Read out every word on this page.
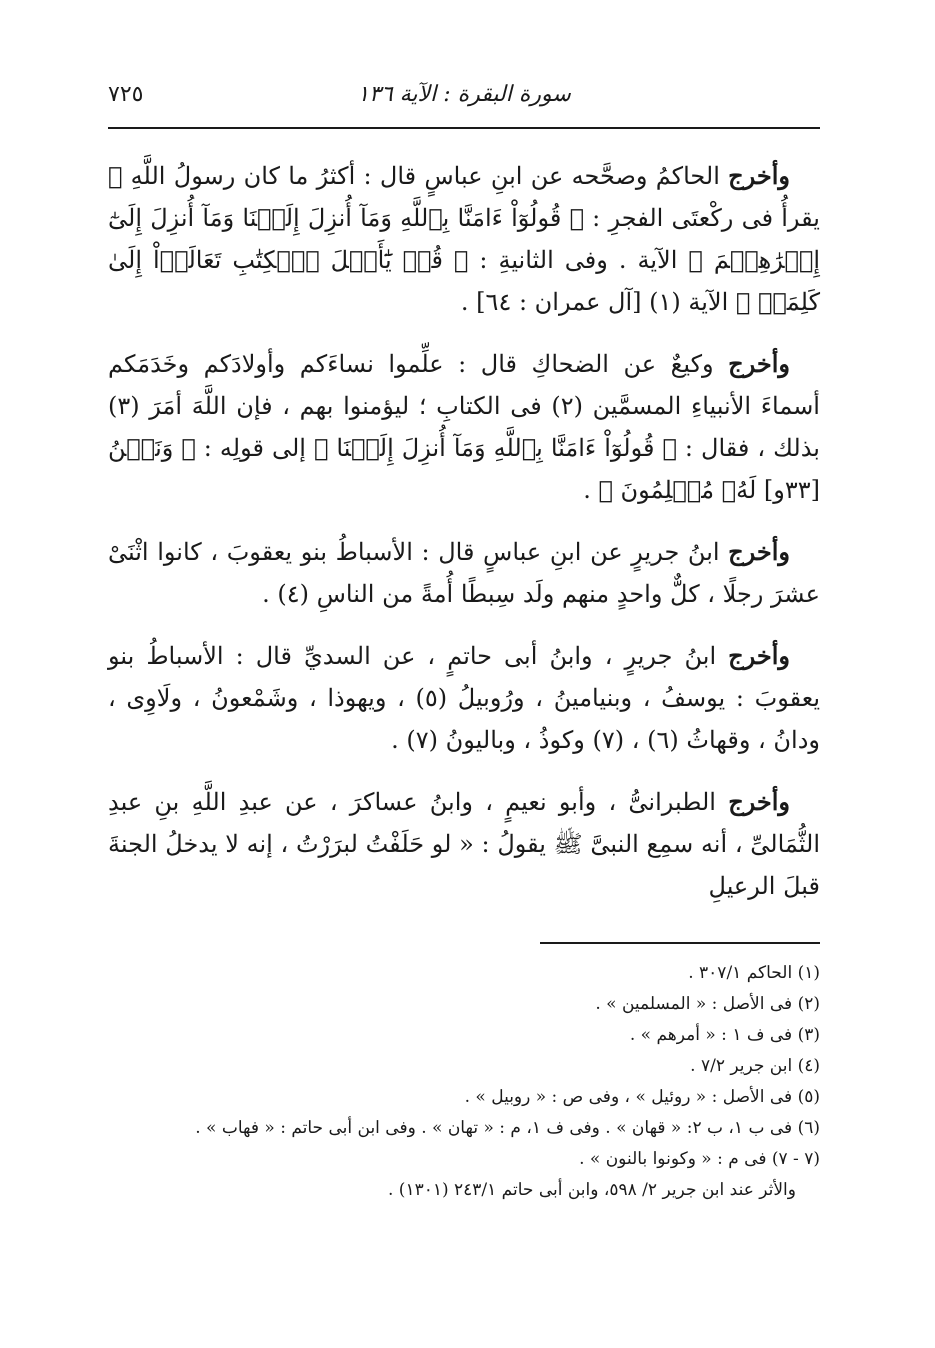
سورة البقرة : الآية ١٣٦
٧٢٥

وأخرج الحاكمُ وصحَّحه عن ابنِ عباسٍ قال : أكثرُ ما كان رسولُ اللَّهِ ﷺ يقرأُ فى ركْعتَى الفجرِ : ﴿ قُولُوٓاْ ءَامَنَّا بِٱللَّهِ وَمَآ أُنزِلَ إِلَيۡنَا وَمَآ أُنزِلَ إِلَىٰٓ إِبۡرَٰهِـۧمَ ﴾ الآية . وفى الثانيةِ : ﴿ قُلۡ يَٰٓأَهۡلَ ٱلۡكِتَٰبِ تَعَالَوۡاْ إِلَىٰ كَلِمَةٖ ﴾ الآية (١) [آل عمران : ٦٤] .

وأخرج وكيعٌ عن الضحاكِ قال : علِّموا نساءَكم وأولادَكم وخَدَمَكم أسماءَ الأنبياءِ المسمَّين (٢) فى الكتابِ ؛ ليؤمنوا بهم ، فإن اللَّهَ أمَرَ (٣) بذلك ، فقال : ﴿ قُولُوٓاْ ءَامَنَّا بِٱللَّهِ وَمَآ أُنزِلَ إِلَيۡنَا ﴾ إلى قولِه : ﴿ وَنَحۡنُ [٣٣و] لَهُۥ مُسۡلِمُونَ ﴾ .

وأخرج ابنُ جريرٍ عن ابنِ عباسٍ قال : الأسباطُ بنو يعقوبَ ، كانوا اثْنَىْ عشرَ رجلًا ، كلٌّ واحدٍ منهم ولَد سِبطًا أُمةً من الناسِ (٤) .

وأخرج ابنُ جريرٍ ، وابنُ أبى حاتمٍ ، عن السديِّ قال : الأسباطُ بنو يعقوبَ : يوسفُ ، وبنيامينُ ، ورُوبيلُ (٥) ، ويهوذا ، وشَمْعونُ ، ولَاوِى ، ودانُ ، وقهاثُ (٦) ، (٧) وكوذُ ، وباليونُ (٧) .

وأخرج الطبرانىُّ ، وأبو نعيمٍ ، وابنُ عساكرَ ، عن عبدِ اللَّهِ بنِ عبدِ الثُّمَالىِّ ، أنه سمِع النبىَّ ﷺ يقولُ : « لو حَلَفْتُ لبرَرْتُ ، إنه لا يدخلُ الجنةَ قبلَ الرعيلِ

(١) الحاكم ٣٠٧/١ .

(٢) فى الأصل : « المسلمين » .

(٣) فى ف ١ : « أمرهم » .

(٤) ابن جرير ٧/٢ .

(٥) فى الأصل : « روئيل » ، وفى ص : « روبيل » .

(٦) فى ب ١، ب ٢: « قهان » . وفى ف ١، م : « تهان » . وفى ابن أبى حاتم : « فهاب » .

(٧ - ٧) فى م : « وكونوا بالنون » .

والأثر عند ابن جرير ٢/ ٥٩٨، وابن أبى حاتم ٢٤٣/١ (١٣٠١) .
